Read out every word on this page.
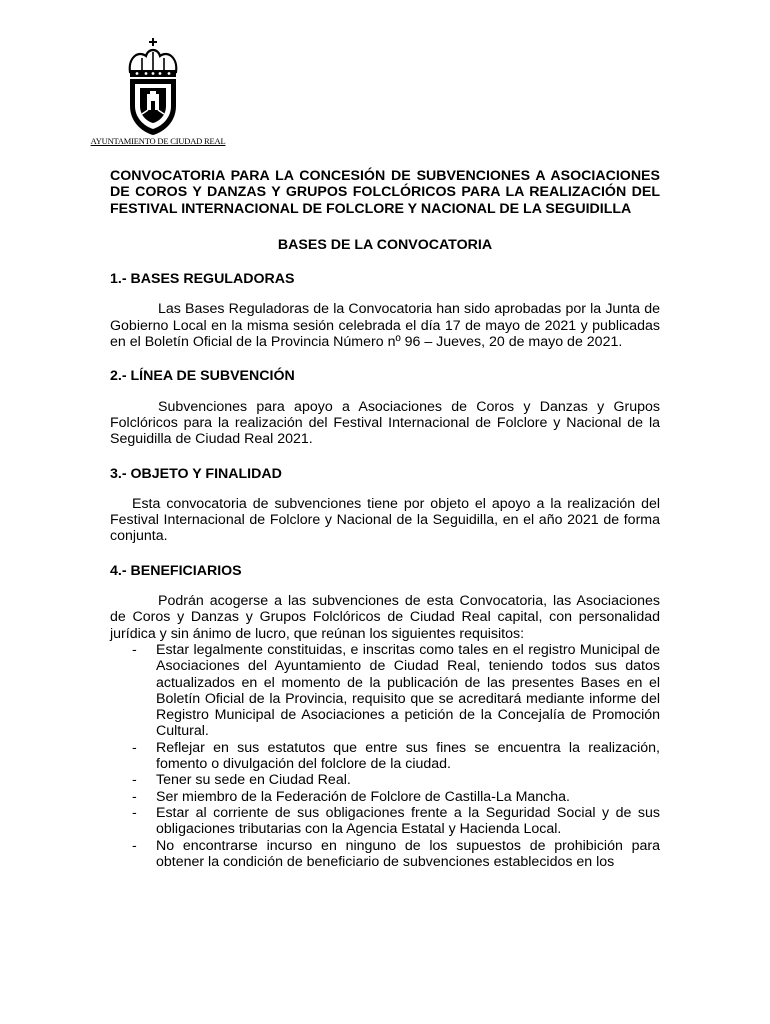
AYUNTAMIENTO DE CIUDAD REAL

CONVOCATORIA PARA LA CONCESIÓN DE SUBVENCIONES A ASOCIACIONES DE COROS Y DANZAS Y GRUPOS FOLCLÓRICOS PARA LA REALIZACIÓN DEL FESTIVAL INTERNACIONAL DE FOLCLORE Y NACIONAL DE LA SEGUIDILLA

BASES DE LA CONVOCATORIA

1.- BASES REGULADORAS

Las Bases Reguladoras de la Convocatoria han sido aprobadas por la Junta de Gobierno Local en la misma sesión celebrada el día 17 de mayo de 2021 y publicadas en el Boletín Oficial de la Provincia Número nº 96 – Jueves, 20 de mayo de 2021.

2.- LÍNEA DE SUBVENCIÓN

Subvenciones para apoyo a Asociaciones de Coros y Danzas y Grupos Folclóricos para la realización del Festival Internacional de Folclore y Nacional de la Seguidilla de Ciudad Real 2021.

3.- OBJETO Y FINALIDAD

Esta convocatoria de subvenciones tiene por objeto el apoyo a la realización del Festival Internacional de Folclore y Nacional de la Seguidilla, en el año 2021 de forma conjunta.

4.- BENEFICIARIOS

Podrán acogerse a las subvenciones de esta Convocatoria, las Asociaciones de Coros y Danzas y Grupos Folclóricos de Ciudad Real capital, con personalidad jurídica y sin ánimo de lucro, que reúnan los siguientes requisitos:

- Estar legalmente constituidas, e inscritas como tales en el registro Municipal de Asociaciones del Ayuntamiento de Ciudad Real, teniendo todos sus datos actualizados en el momento de la publicación de las presentes Bases en el Boletín Oficial de la Provincia, requisito que se acreditará mediante informe del Registro Municipal de Asociaciones a petición de la Concejalía de Promoción Cultural.
- Reflejar en sus estatutos que entre sus fines se encuentra la realización, fomento o divulgación del folclore de la ciudad.
- Tener su sede en Ciudad Real.
- Ser miembro de la Federación de Folclore de Castilla-La Mancha.
- Estar al corriente de sus obligaciones frente a la Seguridad Social y de sus obligaciones tributarias con la Agencia Estatal y Hacienda Local.
- No encontrarse incurso en ninguno de los supuestos de prohibición para obtener la condición de beneficiario de subvenciones establecidos en los
